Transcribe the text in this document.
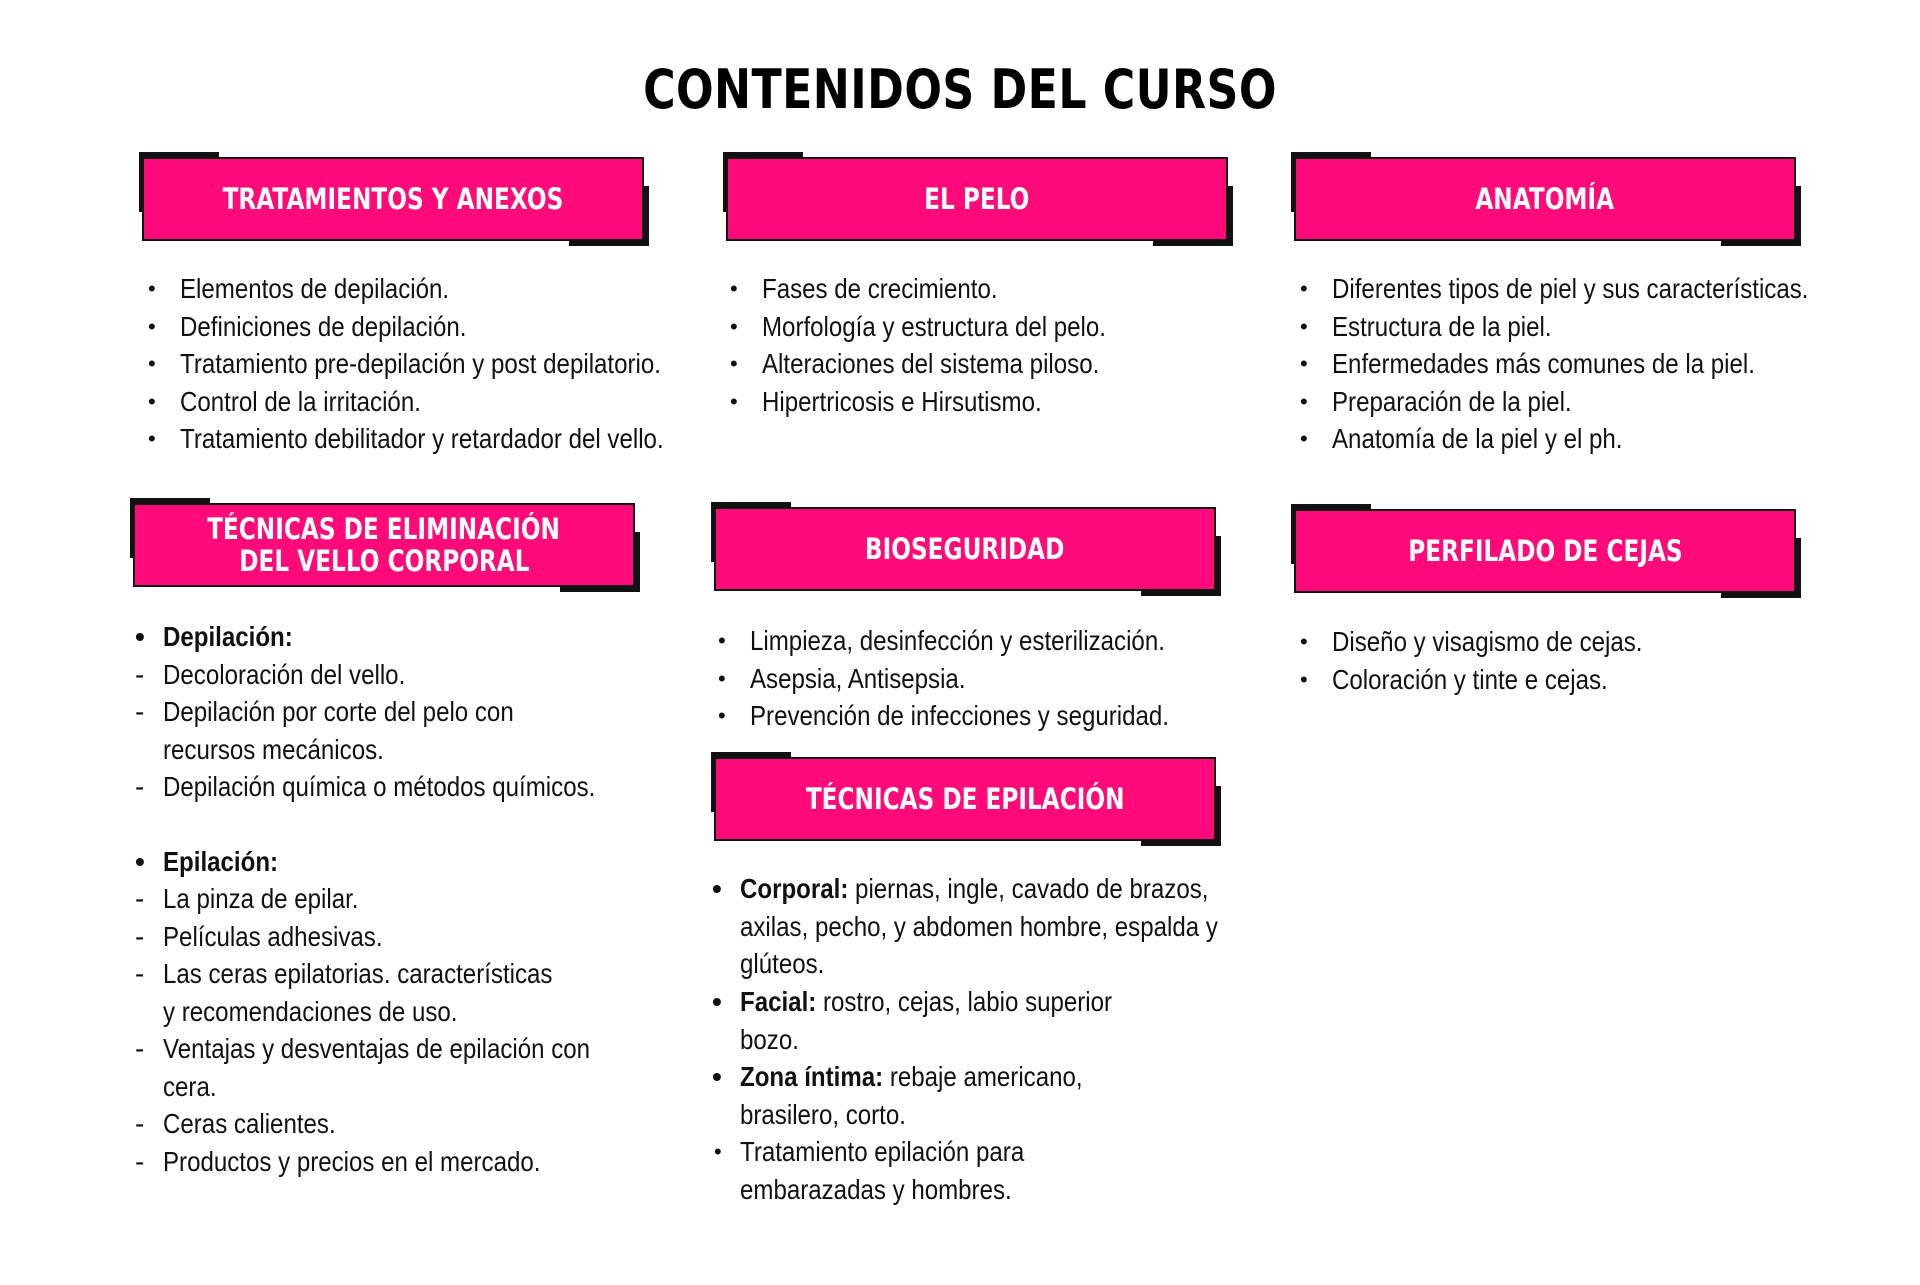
CONTENIDOS DEL CURSO
TRATAMIENTOS Y ANEXOS
• Elementos de depilación.
• Definiciones de depilación.
• Tratamiento pre-depilación y post depilatorio.
• Control de la irritación.
• Tratamiento debilitador y retardador del vello.
EL PELO
• Fases de crecimiento.
• Morfología y estructura del pelo.
• Alteraciones del sistema piloso.
• Hipertricosis e Hirsutismo.
ANATOMÍA
• Diferentes tipos de piel y sus características.
• Estructura de la piel.
• Enfermedades más comunes de la piel.
• Preparación de la piel.
• Anatomía de la piel y el ph.
TÉCNICAS DE ELIMINACIÓN
DEL VELLO CORPORAL
• Depilación:
- Decoloración del vello.
- Depilación por corte del pelo con recursos mecánicos.
- Depilación química o métodos químicos.
• Epilación:
- La pinza de epilar.
- Películas adhesivas.
- Las ceras epilatorias. características y recomendaciones de uso.
- Ventajas y desventajas de epilación con cera.
- Ceras calientes.
- Productos y precios en el mercado.
BIOSEGURIDAD
• Limpieza, desinfección y esterilización.
• Asepsia, Antisepsia.
• Prevención de infecciones y seguridad.
TÉCNICAS DE EPILACIÓN
• Corporal: piernas, ingle, cavado de brazos, axilas, pecho, y abdomen hombre, espalda y glúteos.
• Facial: rostro, cejas, labio superior bozo.
• Zona íntima: rebaje americano, brasilero, corto.
• Tratamiento epilación para embarazadas y hombres.
PERFILADO DE CEJAS
• Diseño y visagismo de cejas.
• Coloración y tinte e cejas.
